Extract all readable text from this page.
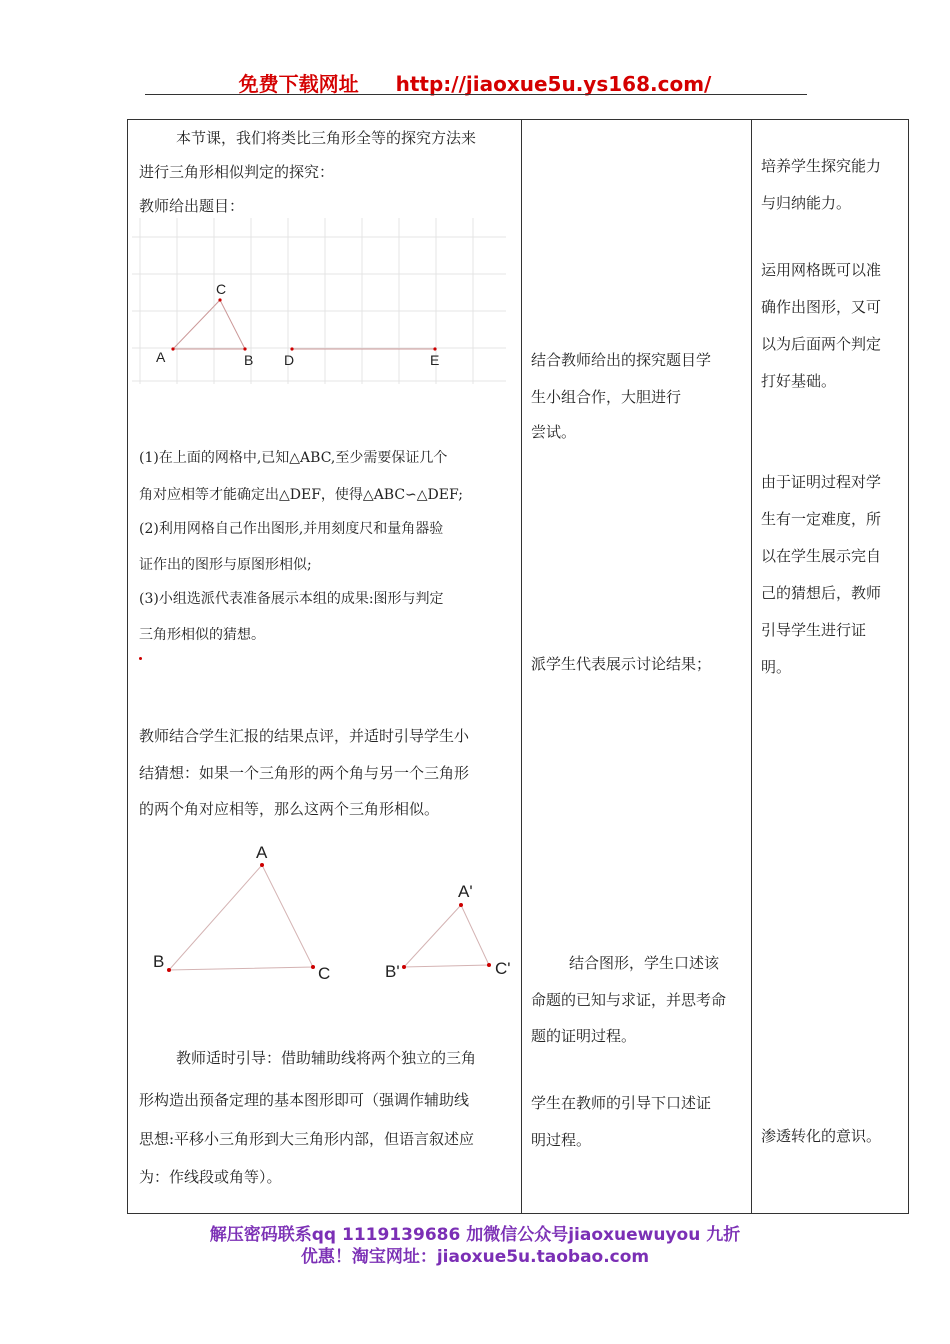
免费下载网址 http://jiaoxue5u.ys168.com/

本节课，我们将类比三角形全等的探究方法来

进行三角形相似判定的探究：

教师给出题目：

A
C
B D	E

(1)在上面的网格中,已知△ABC,至少需要保证几个

角对应相等才能确定出△DEF，使得△ABC∽△DEF;

(2)利用网格自己作出图形,并用刻度尺和量角器验

证作出的图形与原图形相似;

(3)小组选派代表准备展示本组的成果:图形与判定

三角形相似的猜想。

教师结合学生汇报的结果点评，并适时引导学生小

结猜想：如果一个三角形的两个角与另一个三角形

的两个角对应相等，那么这两个三角形相似。

A
B
C
A'
B'	C'

教师适时引导：借助辅助线将两个独立的三角

形构造出预备定理的基本图形即可（强调作辅助线

思想:平移小三角形到大三角形内部，但语言叙述应

为：作线段或角等）。

结合教师给出的探究题目学

生小组合作，大胆进行

尝试。

派学生代表展示讨论结果；

结合图形，学生口述该

命题的已知与求证，并思考命

题的证明过程。

学生在教师的引导下口述证

明过程。

培养学生探究能力

与归纳能力。

运用网格既可以准

确作出图形，又可

以为后面两个判定

打好基础。

由于证明过程对学

生有一定难度，所

以在学生展示完自

己的猜想后，教师

引导学生进行证

明。

渗透转化的意识。

解压密码联系qq 1119139686 加微信公众号jiaoxuewuyou 九折
优惠！淘宝网址：jiaoxue5u.taobao.com
